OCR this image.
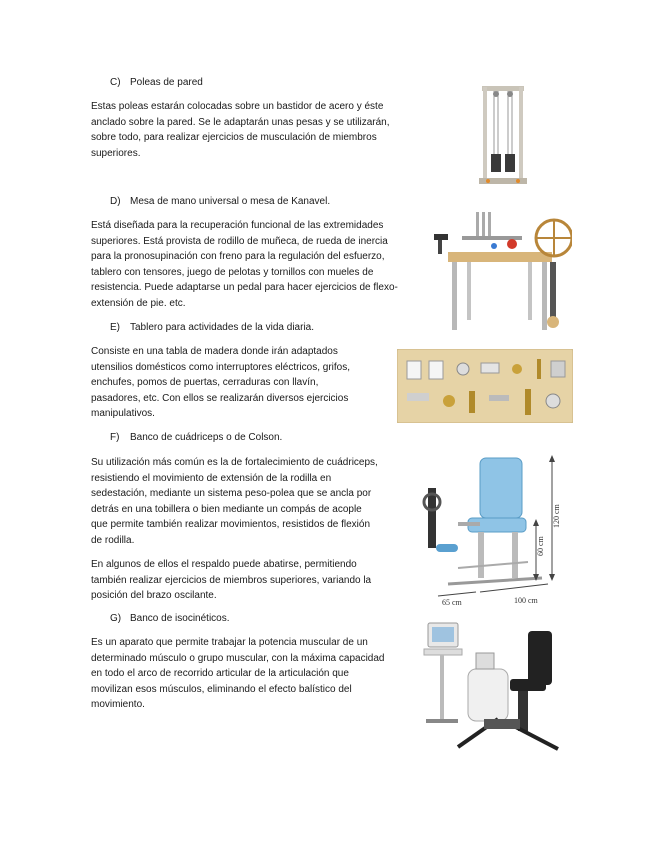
C) Poleas de pared

Estas poleas estarán colocadas sobre un bastidor de acero y éste

anclado sobre la pared. Se le adaptarán unas pesas y se utilizarán,

sobre todo, para realizar ejercicios de musculación de miembros

superiores.

D) Mesa de mano universal o mesa de Kanavel.

Está diseñada para la recuperación funcional de las extremidades

superiores. Está provista de rodillo de muñeca, de rueda de inercia

para la pronosupinación con freno para la regulación del esfuerzo,

tablero con tensores, juego de pelotas y tornillos con mueles de

resistencia. Puede adaptarse un pedal para hacer ejercicios de flexo-

extensión de pie. etc.

E) Tablero para actividades de la vida diaria.

Consiste en una tabla de madera donde irán adaptados

utensilios domésticos como interruptores eléctricos, grifos,

enchufes, pomos de puertas, cerraduras con llavín,

pasadores, etc. Con ellos se realizarán diversos ejercicios

manipulativos.

F) Banco de cuádriceps o de Colson.

Su utilización más común es la de fortalecimiento de cuádriceps,

resistiendo el movimiento de extensión de la rodilla en

sedestación, mediante un sistema peso-polea que se ancla por

detrás en una tobillera o bien mediante un compás de acople

que permite también realizar movimientos, resistidos de flexión

de rodilla.

En algunos de ellos el respaldo puede abatirse, permitiendo

también realizar ejercicios de miembros superiores, variando la

posición del brazo oscilante.

120 cm
60 cm
65 cm	100 cm
G) Banco de isocinéticos.

Es un aparato que permite trabajar la potencia muscular de un

determinado músculo o grupo muscular, con la máxima capacidad

en todo el arco de recorrido articular de la articulación que

movilizan esos músculos, eliminando el efecto balístico del

movimiento.
